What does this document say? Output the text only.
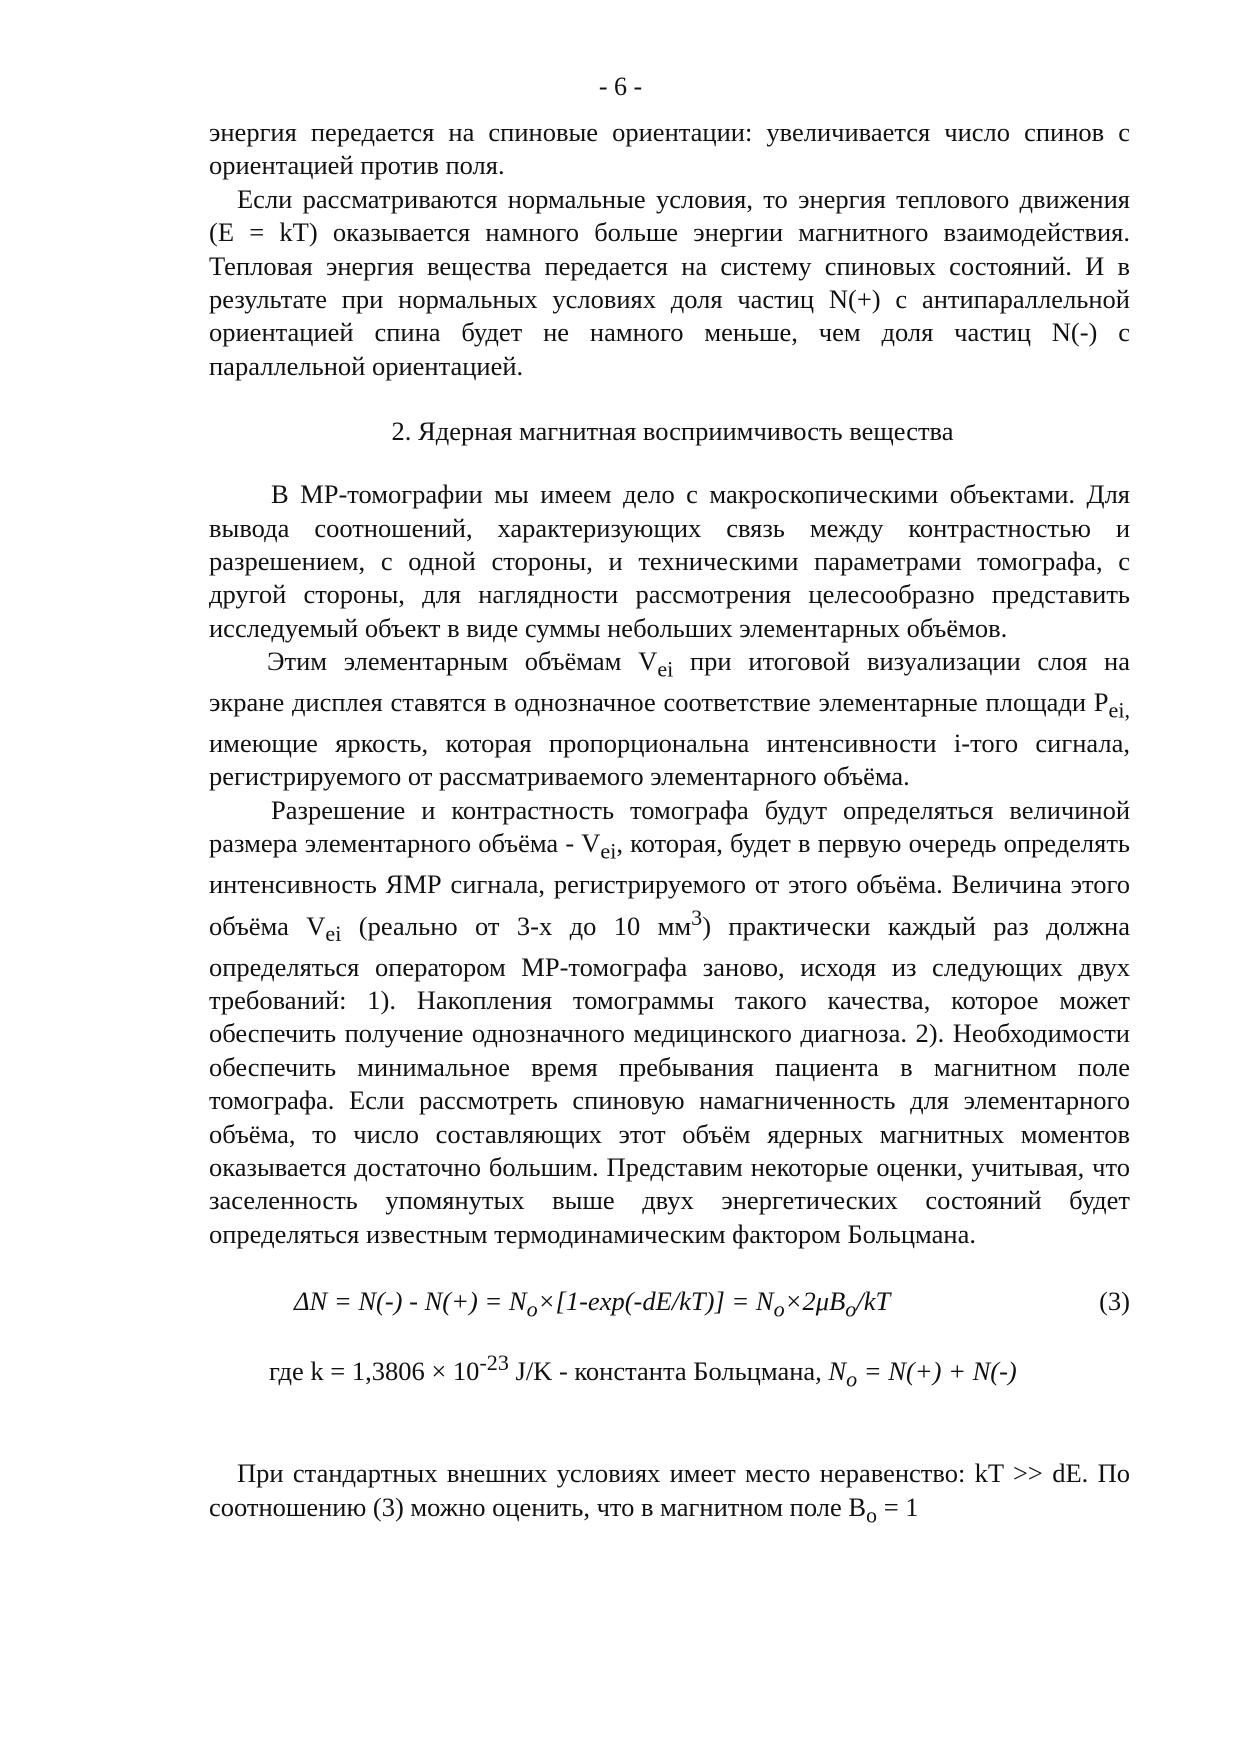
- 6 -

энергия передается на спиновые ориентации: увеличивается число спинов с ориентацией против поля.

Если рассматриваются нормальные условия, то энергия теплового движения (E = kT) оказывается намного больше энергии магнитного взаимодействия. Тепловая энергия вещества передается на систему спиновых состояний. И в результате при нормальных условиях доля частиц N(+) с антипараллельной ориентацией спина будет не намного меньше, чем доля частиц N(-) с параллельной ориентацией.

2. Ядерная магнитная восприимчивость вещества

В МР-томографии мы имеем дело с макроскопическими объектами. Для вывода соотношений, характеризующих связь между контрастностью и разрешением, с одной стороны, и техническими параметрами томографа, с другой стороны, для наглядности рассмотрения целесообразно представить исследуемый объект в виде суммы небольших элементарных объёмов.

Этим элементарным объёмам $V_{ei}$ при итоговой визуализации слоя на экране дисплея ставятся в однозначное соответствие элементарные площади $P_{ei,}$ имеющие яркость, которая пропорциональна интенсивности i-того сигнала, регистрируемого от рассматриваемого элементарного объёма.

Разрешение и контрастность томографа будут определяться величиной размера элементарного объёма - $V_{ei}$, которая, будет в первую очередь определять интенсивность ЯМР сигнала, регистрируемого от этого объёма. Величина этого объёма $V_{ei}$ (реально от 3-х до 10 $мм^3$) практически каждый раз должна определяться оператором МР-томографа заново, исходя из следующих двух требований: 1). Накопления томограммы такого качества, которое может обеспечить получение однозначного медицинского диагноза. 2). Необходимости обеспечить минимальное время пребывания пациента в магнитном поле томографа. Если рассмотреть спиновую намагниченность для элементарного объёма, то число составляющих этот объём ядерных магнитных моментов оказывается достаточно большим. Представим некоторые оценки, учитывая, что заселенность упомянутых выше двух энергетических состояний будет определяться известным термодинамическим фактором Больцмана.

$\Delta N = N(-) - N(+) = N_o\times[1-\exp(-dE/kT)] = N_o\times 2\mu B_o/kT$	(3)

где $k = 1,3806 \times 10^{-23}$ J/K - константа Больцмана, $N_o = N(+) + N(-)$

При стандартных внешних условиях имеет место неравенство: kT >> dE. По соотношению (3) можно оценить, что в магнитном поле $B_o = 1$
